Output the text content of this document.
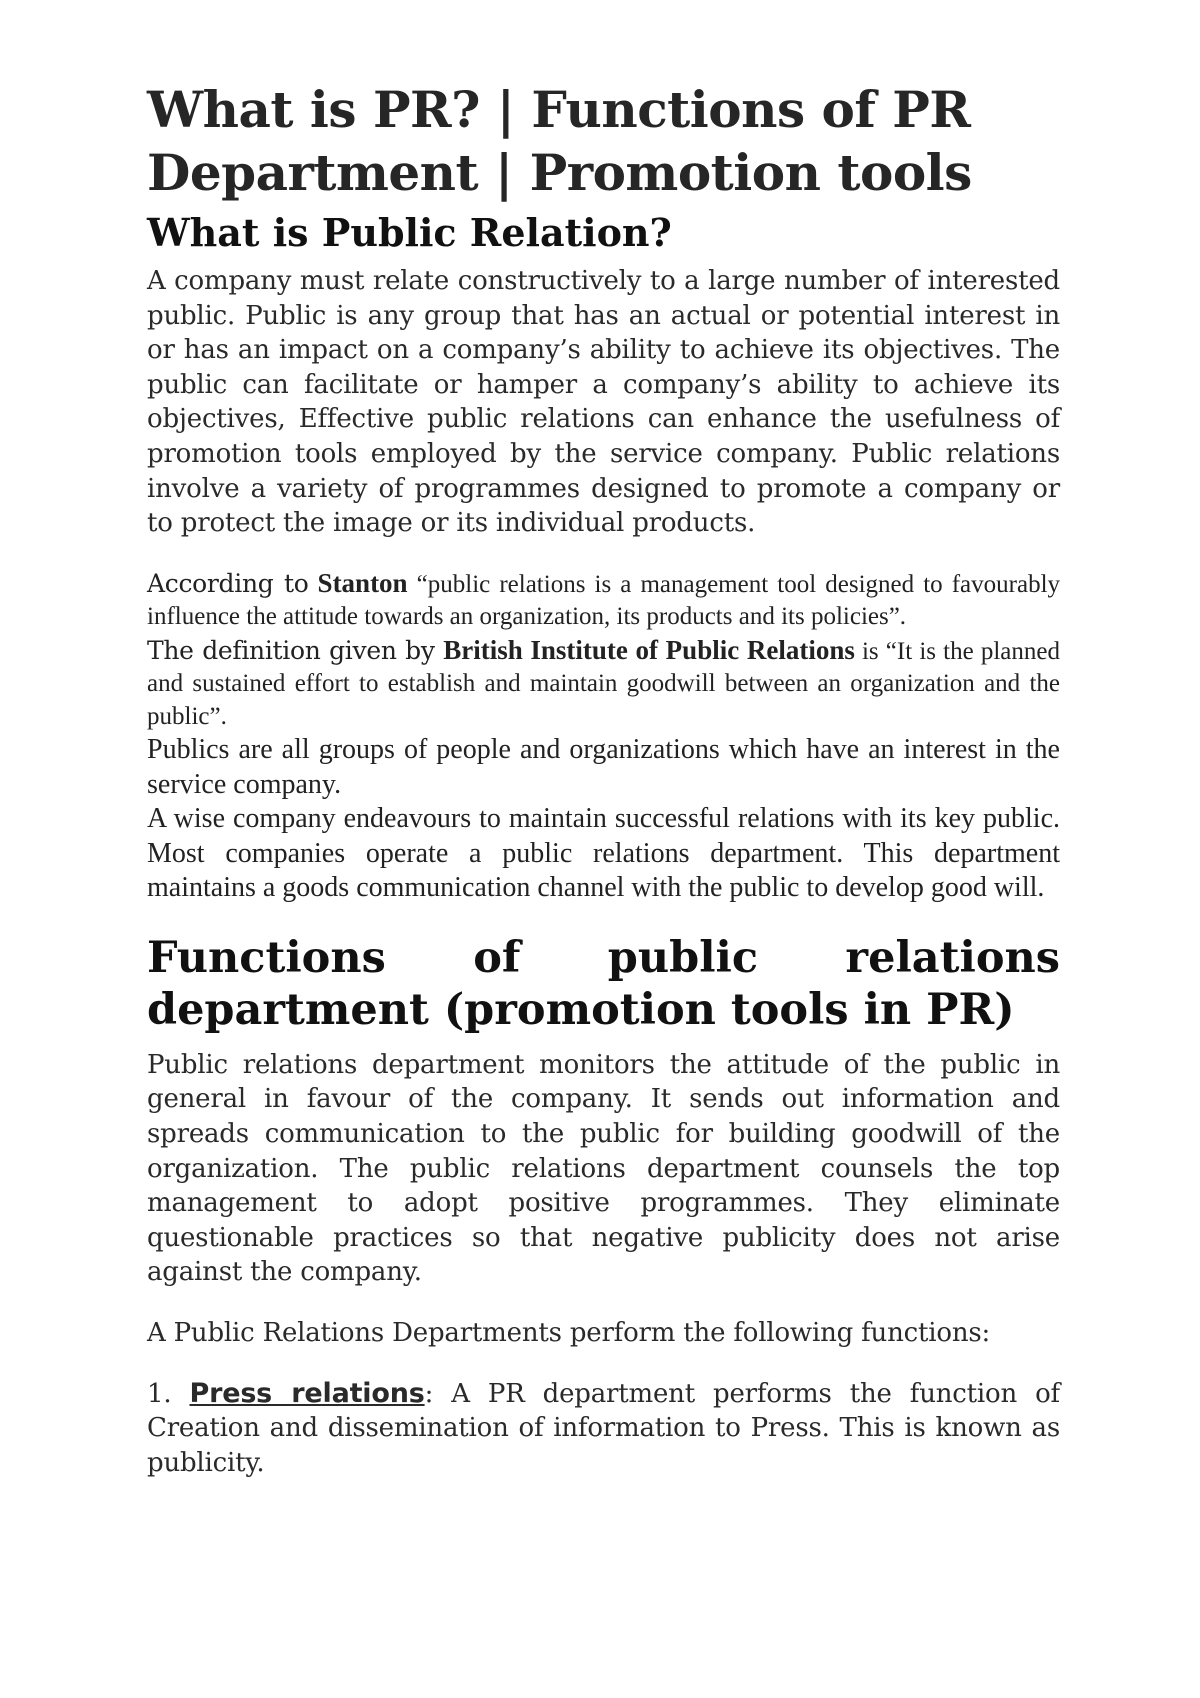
What is PR? | Functions of PR
Department | Promotion tools
What is Public Relation?

A company must relate constructively to a large number of interested public. Public is any group that has an actual or potential interest in or has an impact on a company’s ability to achieve its objectives. The public can facilitate or hamper a company’s ability to achieve its objectives, Effective public relations can enhance the usefulness of promotion tools employed by the service company. Public relations involve a variety of programmes designed to promote a company or to protect the image or its individual products.

According to Stanton “public relations is a management tool designed to favourably influence the attitude towards an organization, its products and its policies”.

The definition given by British Institute of Public Relations is “It is the planned and sustained effort to establish and maintain goodwill between an organization and the public”.

Publics are all groups of people and organizations which have an interest in the service company.

A wise company endeavours to maintain successful relations with its key public. Most companies operate a public relations department. This department maintains a goods communication channel with the public to develop good will.

Functions of public relations
department (promotion tools in PR)

Public relations department monitors the attitude of the public in general in favour of the company. It sends out information and spreads communication to the public for building goodwill of the organization. The public relations department counsels the top management to adopt positive programmes. They eliminate questionable practices so that negative publicity does not arise against the company.

A Public Relations Departments perform the following functions:

1. Press relations: A PR department performs the function of Creation and dissemination of information to Press. This is known as publicity.
